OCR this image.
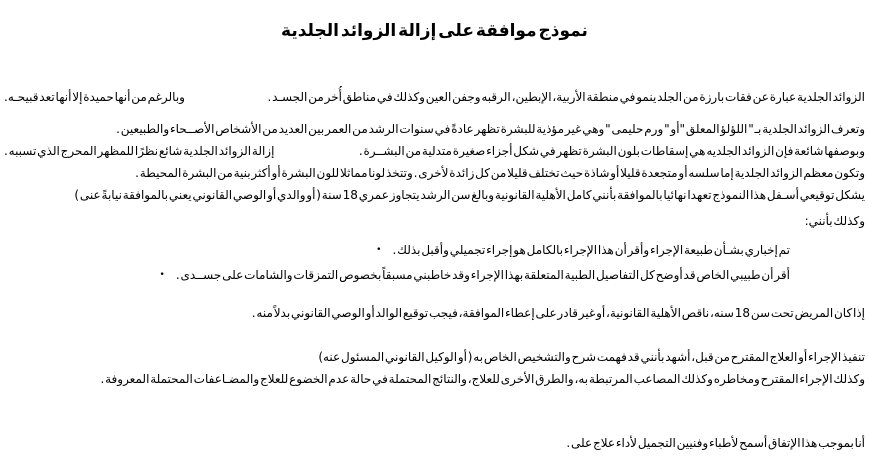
نموذج موافقة على إزالة الزوائد الجلدية
الزوائد الجلدية عبارة عن فقات بارزة من الجلد ينمو في منطقة الأربية، الإبطين، الرقبه وجفن العين وكذلك في مناطق أُخر من الجسـد .
وبالرغم من أنها حميدة إلا أنها تعد قبيحـه.
وتعرف الزوائد الجلدية بـ " اللؤلؤ المعلق "أو " ورم حليمى " وهي غير مؤذية للبشرة تظهر عادةً في سنوات الرشد من العمر بين العديد من الأشخاص الأصــحاء والطبيعين .
وبوصفها شائعة فإن الزوائد الجلديه هي إسقاطات بلون البشرة تظهر في شكل أجزاء صغيرة متدلية من البشــرة .
إزالة الزوائد الجلدية شائع نظرًا للمظهر المحرج الذي تسببه .
وتكون معظم الزوائد الجلدية إما سلسه أو متجعدة قليلا أو شاذة حيث تختلف قليلا من كل زائدة لأخرى . وتتخذ لونا مماثلا للون البشرة أو أكثر بنية من البشرة المحيطة .
يشكل توقيعي أسـفل هذا النموذج تعهدا نهائيا بالموافقة بأنني كامل الأهلية القانونية وبالغ سن الرشد يتجاوز عمري 18 سنة ( أو والدي أو الوصي القانوني يعني بالموافقة نيابةً عنى )
وكذلك بأنني:
تم إخباري بشـأن طبيعة الإجراء وأقر أن هذا الإجراء بالكامل هو إجراء تجميلي وأقبل بذلك .
•
أقر أن طبيبي الخاص قد أوضح كل التفاصيل الطبية المتعلقة بهذا الإجراء وقد خاطبني مسبقاً بخصوص التمزقات والشامات على جســدى .
•
إذا كان المريض تحت سن 18 سنه، ناقص الأهلية القانونية، أو غير قادر على إعطاء الموافقة، فيجب توقيع الوالد أو الوصي القانوني بدلاً منه .
تنفيذ الإجراء أو العلاج المقترح من قبل، أشهد بأنني قد فهمت شرح والتشخيص الخاص به ( أو الوكيل القانوني المسئول عنه)
وكذلك الإجراء المقترح ومخاطره وكذلك المصاعب المرتبطة به، والطرق الأخرى للعلاج، والنتائج المحتملة في حالة عدم الخضوع للعلاج والمضـاعفات المحتملة المعروفة .
أنا بموجب هذا الإتفاق أسمح لأطباء وفنيين التجميل لأداء علاج على .
